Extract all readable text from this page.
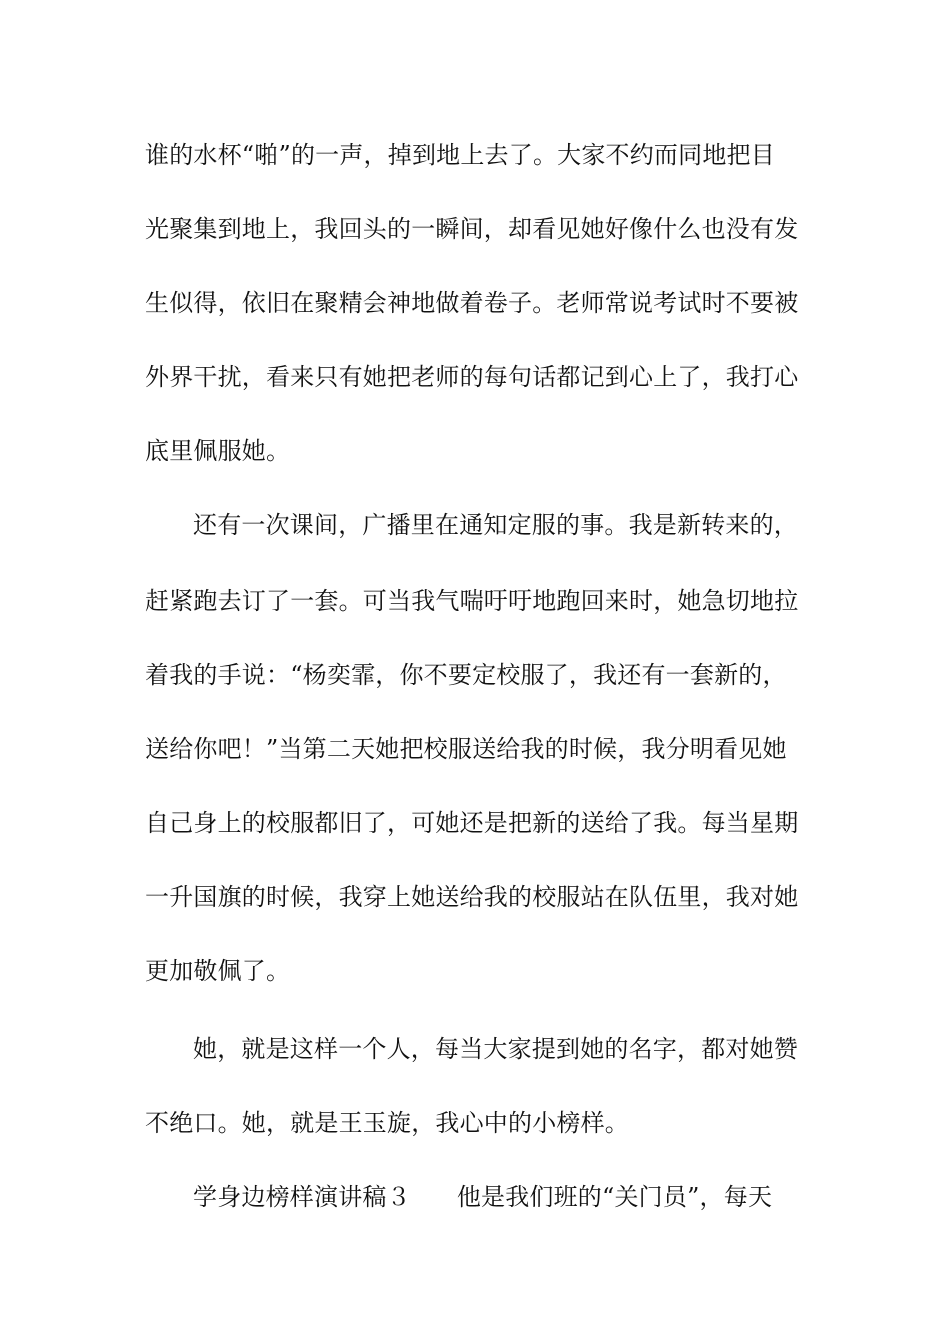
谁的水杯“啪”的一声，掉到地上去了。大家不约而同地把目
光聚集到地上，我回头的一瞬间，却看见她好像什么也没有发
生似得，依旧在聚精会神地做着卷子。老师常说考试时不要被
外界干扰，看来只有她把老师的每句话都记到心上了，我打心
底里佩服她。
还有一次课间，广播里在通知定服的事。我是新转来的，
赶紧跑去订了一套。可当我气喘吁吁地跑回来时，她急切地拉
着我的手说：“杨奕霏，你不要定校服了，我还有一套新的，
送给你吧！”当第二天她把校服送给我的时候，我分明看见她
自己身上的校服都旧了，可她还是把新的送给了我。每当星期
一升国旗的时候，我穿上她送给我的校服站在队伍里，我对她
更加敬佩了。
她，就是这样一个人，每当大家提到她的名字，都对她赞
不绝口。她，就是王玉旋，我心中的小榜样。
学身边榜样演讲稿３ 他是我们班的“关门员”，每天
